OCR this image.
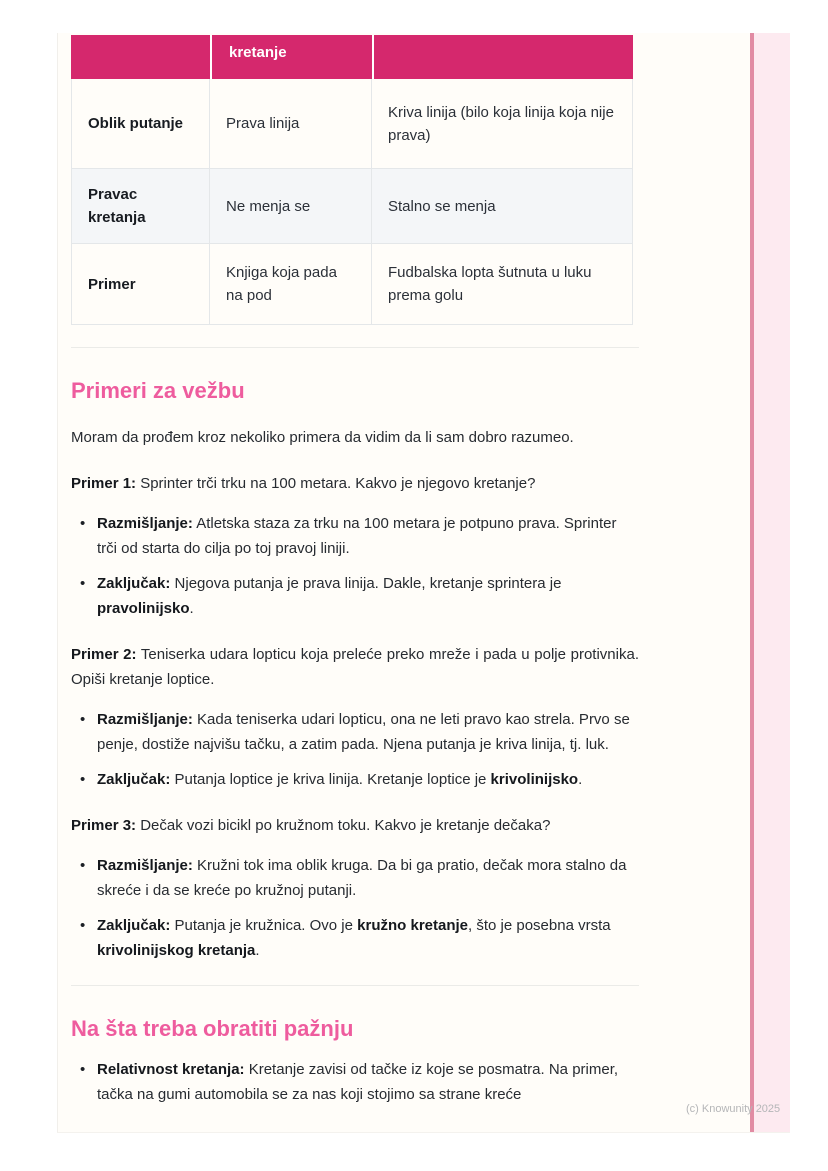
	kretanje	
Oblik putanje	Prava linija	Kriva linija (bilo koja linija koja nije prava)
Pravac kretanja	Ne menja se	Stalno se menja
Primer	Knjiga koja pada na pod	Fudbalska lopta šutnuta u luku prema golu
Primeri za vežbu

Moram da prođem kroz nekoliko primera da vidim da li sam dobro razumeo.

Primer 1: Sprinter trči trku na 100 metara. Kakvo je njegovo kretanje?

• Razmišljanje: Atletska staza za trku na 100 metara je potpuno prava. Sprinter trči od starta do cilja po toj pravoj liniji.
• Zaključak: Njegova putanja je prava linija. Dakle, kretanje sprintera je pravolinijsko.

Primer 2: Teniserka udara lopticu koja preleće preko mreže i pada u polje protivnika. Opiši kretanje loptice.

• Razmišljanje: Kada teniserka udari lopticu, ona ne leti pravo kao strela. Prvo se penje, dostiže najvišu tačku, a zatim pada. Njena putanja je kriva linija, tj. luk.
• Zaključak: Putanja loptice je kriva linija. Kretanje loptice je krivolinijsko.

Primer 3: Dečak vozi bicikl po kružnom toku. Kakvo je kretanje dečaka?

• Razmišljanje: Kružni tok ima oblik kruga. Da bi ga pratio, dečak mora stalno da skreće i da se kreće po kružnoj putanji.
• Zaključak: Putanja je kružnica. Ovo je kružno kretanje, što je posebna vrsta krivolinijskog kretanja.
Na šta treba obratiti pažnju
• Relativnost kretanja: Kretanje zavisi od tačke iz koje se posmatra. Na primer, tačka na gumi automobila se za nas koji stojimo sa strane kreće
(c) Knowunity 2025
